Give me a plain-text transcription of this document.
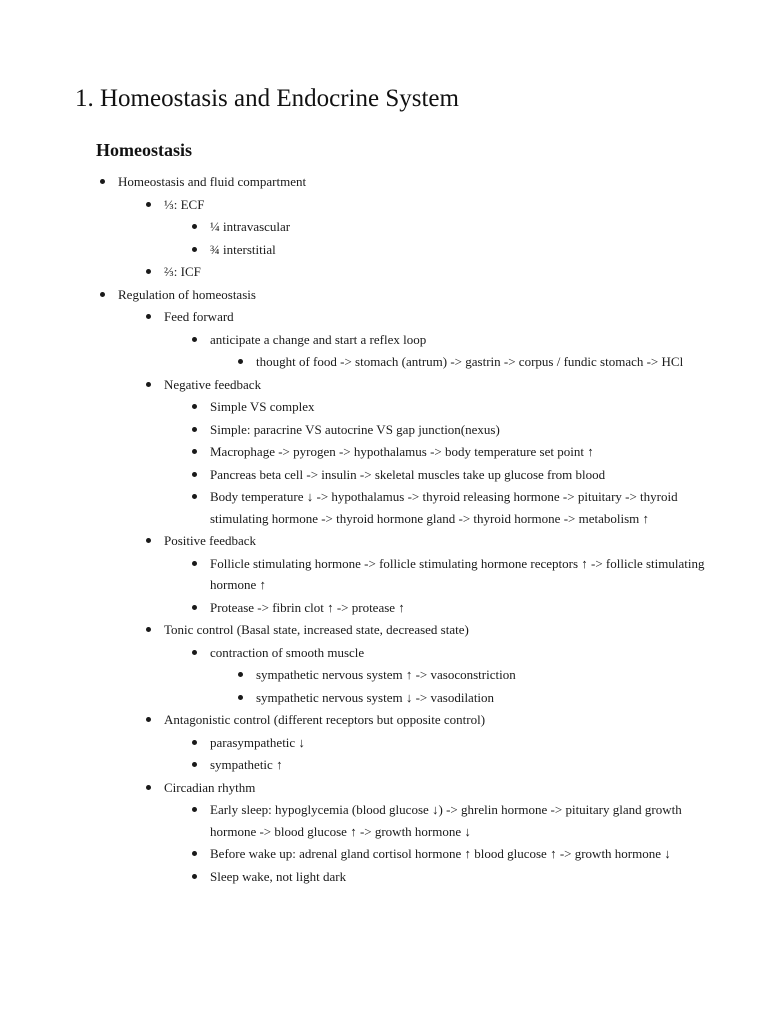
1. Homeostasis and Endocrine System
Homeostasis
Homeostasis and fluid compartment
⅓: ECF
¼ intravascular
¾ interstitial
⅔: ICF
Regulation of homeostasis
Feed forward
anticipate a change and start a reflex loop
thought of food -> stomach (antrum) -> gastrin -> corpus / fundic stomach -> HCl
Negative feedback
Simple VS complex
Simple: paracrine VS autocrine VS gap junction(nexus)
Macrophage -> pyrogen -> hypothalamus -> body temperature set point ↑
Pancreas beta cell -> insulin -> skeletal muscles take up glucose from blood
Body temperature ↓ -> hypothalamus -> thyroid releasing hormone -> pituitary -> thyroid stimulating hormone -> thyroid hormone gland -> thyroid hormone -> metabolism ↑
Positive feedback
Follicle stimulating hormone -> follicle stimulating hormone receptors ↑ -> follicle stimulating hormone ↑
Protease -> fibrin clot ↑ -> protease ↑
Tonic control (Basal state, increased state, decreased state)
contraction of smooth muscle
sympathetic nervous system ↑ -> vasoconstriction
sympathetic nervous system ↓ -> vasodilation
Antagonistic control (different receptors but opposite control)
parasympathetic ↓
sympathetic ↑
Circadian rhythm
Early sleep: hypoglycemia (blood glucose ↓) -> ghrelin hormone -> pituitary gland growth hormone -> blood glucose ↑ -> growth hormone ↓
Before wake up: adrenal gland cortisol hormone ↑ blood glucose ↑ -> growth hormone ↓
Sleep wake, not light dark
